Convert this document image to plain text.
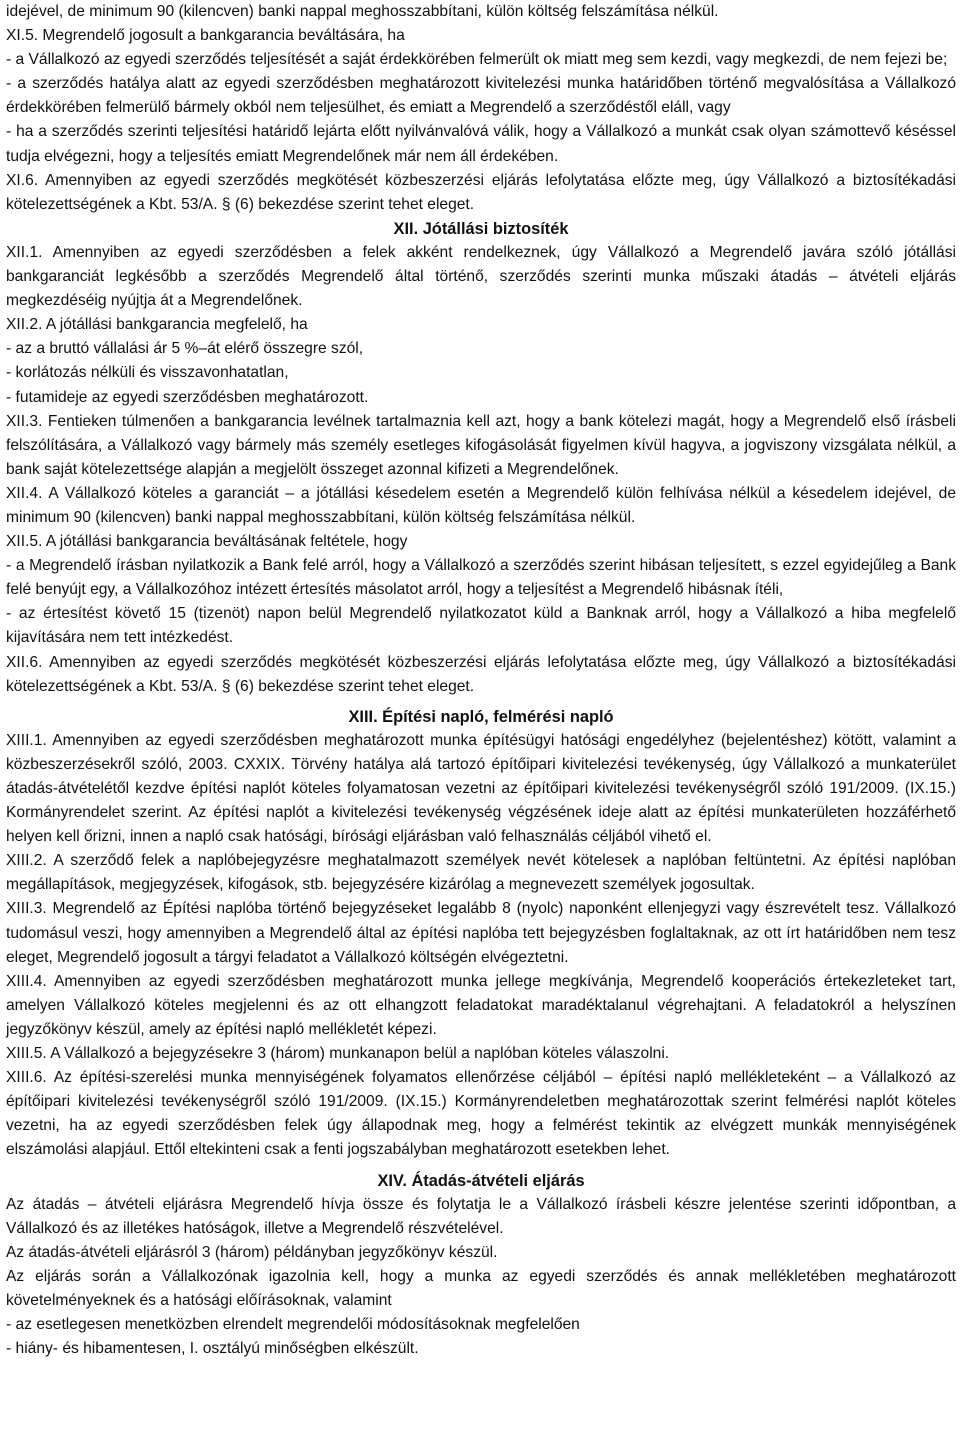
idejével, de minimum 90 (kilencven) banki nappal meghosszabbítani, külön költség felszámítása nélkül.

XI.5. Megrendelő jogosult a bankgarancia beváltására, ha

- a Vállalkozó az egyedi szerződés teljesítését a saját érdekkörében felmerült ok miatt meg sem kezdi, vagy megkezdi, de nem fejezi be;

- a szerződés hatálya alatt az egyedi szerződésben meghatározott kivitelezési munka határidőben történő megvalósítása a Vállalkozó érdekkörében felmerülő bármely okból nem teljesülhet, és emiatt a Megrendelő a szerződéstől eláll, vagy

- ha a szerződés szerinti teljesítési határidő lejárta előtt nyilvánvalóvá válik, hogy a Vállalkozó a munkát csak olyan számottevő késéssel tudja elvégezni, hogy a teljesítés emiatt Megrendelőnek már nem áll érdekében.

XI.6. Amennyiben az egyedi szerződés megkötését közbeszerzési eljárás lefolytatása előzte meg, úgy Vállalkozó a biztosítékadási kötelezettségének a Kbt. 53/A. § (6) bekezdése szerint tehet eleget.

XII. Jótállási biztosíték

XII.1. Amennyiben az egyedi szerződésben a felek akként rendelkeznek, úgy Vállalkozó a Megrendelő javára szóló jótállási bankgaranciát legkésőbb a szerződés Megrendelő által történő, szerződés szerinti munka műszaki átadás – átvételi eljárás megkezdéséig nyújtja át a Megrendelőnek.

XII.2. A jótállási bankgarancia megfelelő, ha

- az a bruttó vállalási ár 5 %–át elérő összegre szól,

- korlátozás nélküli és visszavonhatatlan,

- futamideje az egyedi szerződésben meghatározott.

XII.3. Fentieken túlmenően a bankgarancia levélnek tartalmaznia kell azt, hogy a bank kötelezi magát, hogy a Megrendelő első írásbeli felszólítására, a Vállalkozó vagy bármely más személy esetleges kifogásolását figyelmen kívül hagyva, a jogviszony vizsgálata nélkül, a bank saját kötelezettsége alapján a megjelölt összeget azonnal kifizeti a Megrendelőnek.

XII.4. A Vállalkozó köteles a garanciát – a jótállási késedelem esetén a Megrendelő külön felhívása nélkül a késedelem idejével, de minimum 90 (kilencven) banki nappal meghosszabbítani, külön költség felszámítása nélkül.

XII.5. A jótállási bankgarancia beváltásának feltétele, hogy

- a Megrendelő írásban nyilatkozik a Bank felé arról, hogy a Vállalkozó a szerződés szerint hibásan teljesített, s ezzel egyidejűleg a Bank felé benyújt egy, a Vállalkozóhoz intézett értesítés másolatot arról, hogy a teljesítést a Megrendelő hibásnak ítéli,

- az értesítést követő 15 (tizenöt) napon belül Megrendelő nyilatkozatot küld a Banknak arról, hogy a Vállalkozó a hiba megfelelő kijavítására nem tett intézkedést.

XII.6. Amennyiben az egyedi szerződés megkötését közbeszerzési eljárás lefolytatása előzte meg, úgy Vállalkozó a biztosítékadási kötelezettségének a Kbt. 53/A. § (6) bekezdése szerint tehet eleget.

XIII. Építési napló, felmérési napló

XIII.1. Amennyiben az egyedi szerződésben meghatározott munka építésügyi hatósági engedélyhez (bejelentéshez) kötött, valamint a közbeszerzésekről szóló, 2003. CXXIX. Törvény hatálya alá tartozó építőipari kivitelezési tevékenység, úgy Vállalkozó a munkaterület átadás-átvételétől kezdve építési naplót köteles folyamatosan vezetni az építőipari kivitelezési tevékenységről szóló 191/2009. (IX.15.) Kormányrendelet szerint. Az építési naplót a kivitelezési tevékenység végzésének ideje alatt az építési munkaterületen hozzáférhető helyen kell őrizni, innen a napló csak hatósági, bírósági eljárásban való felhasználás céljából vihető el.

XIII.2. A szerződő felek a naplóbejegyzésre meghatalmazott személyek nevét kötelesek a naplóban feltüntetni. Az építési naplóban megállapítások, megjegyzések, kifogások, stb. bejegyzésére kizárólag a megnevezett személyek jogosultak.

XIII.3. Megrendelő az Építési naplóba történő bejegyzéseket legalább 8 (nyolc) naponként ellenjegyzi vagy észrevételt tesz. Vállalkozó tudomásul veszi, hogy amennyiben a Megrendelő által az építési naplóba tett bejegyzésben foglaltaknak, az ott írt határidőben nem tesz eleget, Megrendelő jogosult a tárgyi feladatot a Vállalkozó költségén elvégeztetni.

XIII.4. Amennyiben az egyedi szerződésben meghatározott munka jellege megkívánja, Megrendelő kooperációs értekezleteket tart, amelyen Vállalkozó köteles megjelenni és az ott elhangzott feladatokat maradéktalanul végrehajtani. A feladatokról a helyszínen jegyzőkönyv készül, amely az építési napló mellékletét képezi.

XIII.5. A Vállalkozó a bejegyzésekre 3 (három) munkanapon belül a naplóban köteles válaszolni.

XIII.6. Az építési-szerelési munka mennyiségének folyamatos ellenőrzése céljából – építési napló mellékleteként – a Vállalkozó az építőipari kivitelezési tevékenységről szóló 191/2009. (IX.15.) Kormányrendeletben meghatározottak szerint felmérési naplót köteles vezetni, ha az egyedi szerződésben felek úgy állapodnak meg, hogy a felmérést tekintik az elvégzett munkák mennyiségének elszámolási alapjául. Ettől eltekinteni csak a fenti jogszabályban meghatározott esetekben lehet.

XIV. Átadás-átvételi eljárás

Az átadás – átvételi eljárásra Megrendelő hívja össze és folytatja le a Vállalkozó írásbeli készre jelentése szerinti időpontban, a Vállalkozó és az illetékes hatóságok, illetve a Megrendelő részvételével.

Az átadás-átvételi eljárásról 3 (három) példányban jegyzőkönyv készül.

Az eljárás során a Vállalkozónak igazolnia kell, hogy a munka az egyedi szerződés és annak mellékletében meghatározott követelményeknek és a hatósági előírásoknak, valamint

- az esetlegesen menetközben elrendelt megrendelői módosításoknak megfelelően

- hiány- és hibamentesen, I. osztályú minőségben elkészült.
